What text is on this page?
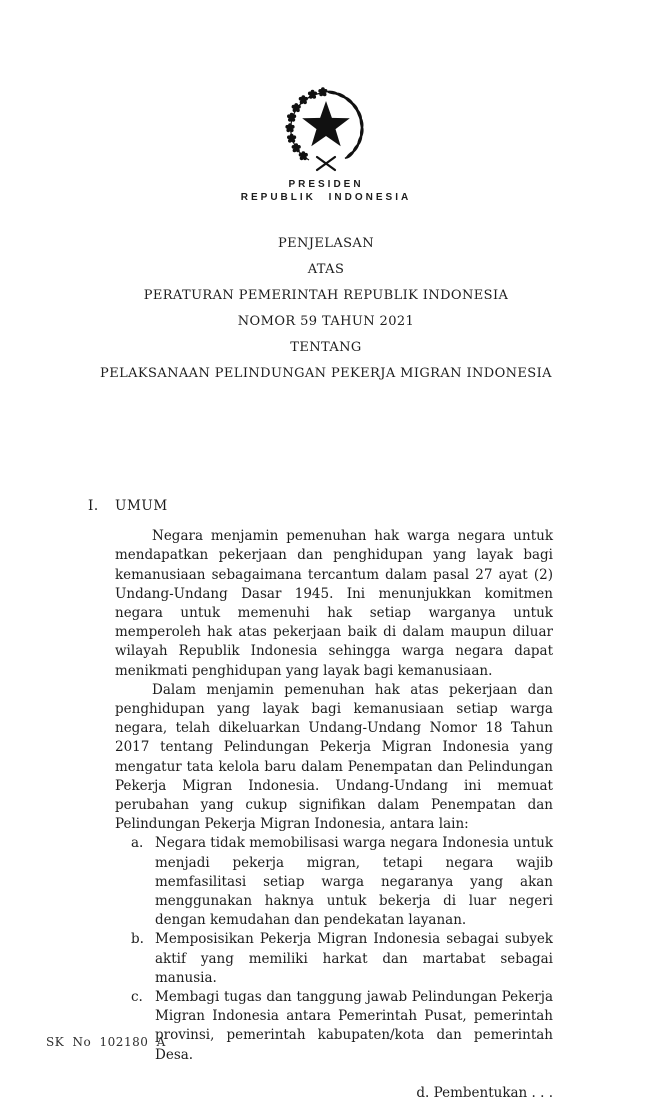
PRESIDEN
REPUBLIK INDONESIA
PENJELASAN
ATAS
PERATURAN PEMERINTAH REPUBLIK INDONESIA
NOMOR 59 TAHUN 2021
TENTANG
PELAKSANAAN PELINDUNGAN PEKERJA MIGRAN INDONESIA
I. UMUM

Negara menjamin pemenuhan hak warga negara untuk mendapatkan pekerjaan dan penghidupan yang layak bagi kemanusiaan sebagaimana tercantum dalam pasal 27 ayat (2) Undang-Undang Dasar 1945. Ini menunjukkan komitmen negara untuk memenuhi hak setiap warganya untuk memperoleh hak atas pekerjaan baik di dalam maupun diluar wilayah Republik Indonesia sehingga warga negara dapat menikmati penghidupan yang layak bagi kemanusiaan.

Dalam menjamin pemenuhan hak atas pekerjaan dan penghidupan yang layak bagi kemanusiaan setiap warga negara, telah dikeluarkan Undang-Undang Nomor 18 Tahun 2017 tentang Pelindungan Pekerja Migran Indonesia yang mengatur tata kelola baru dalam Penempatan dan Pelindungan Pekerja Migran Indonesia. Undang-Undang ini memuat perubahan yang cukup signifikan dalam Penempatan dan Pelindungan Pekerja Migran Indonesia, antara lain:

a. Negara tidak memobilisasi warga negara Indonesia untuk menjadi pekerja migran, tetapi negara wajib memfasilitasi setiap warga negaranya yang akan menggunakan haknya untuk bekerja di luar negeri dengan kemudahan dan pendekatan layanan.
b. Memposisikan Pekerja Migran Indonesia sebagai subyek aktif yang memiliki harkat dan martabat sebagai manusia.
c. Membagi tugas dan tanggung jawab Pelindungan Pekerja Migran Indonesia antara Pemerintah Pusat, pemerintah provinsi, pemerintah kabupaten/kota dan pemerintah Desa.
d. Pembentukan . . .
SK No 102180 A
